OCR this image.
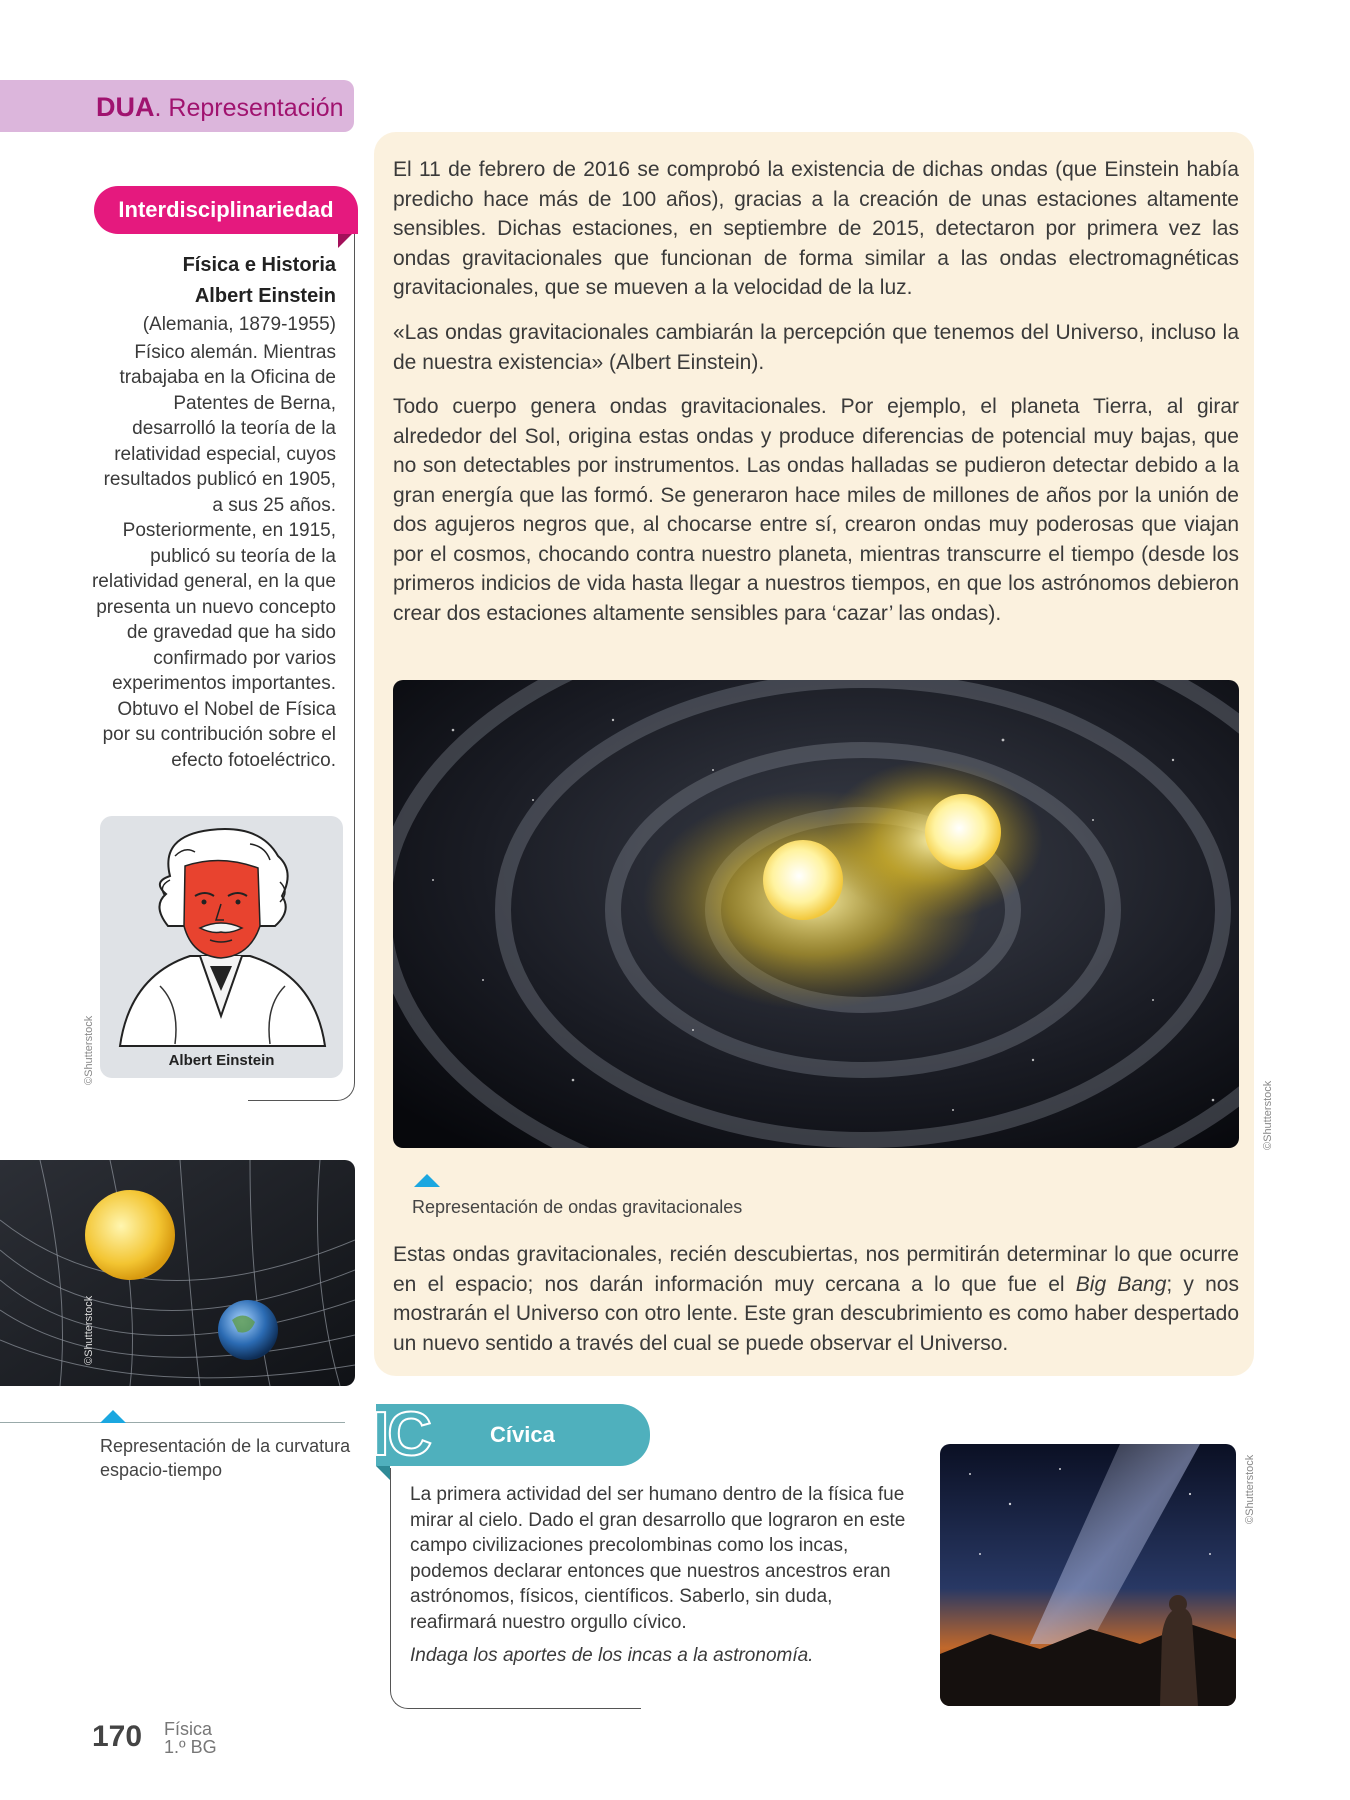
DUA. Representación
Interdisciplinariedad
Física e Historia
Albert Einstein
(Alemania, 1879-1955)
Físico alemán. Mientras trabajaba en la Oficina de Patentes de Berna, desarrolló la teoría de la relatividad especial, cuyos resultados publicó en 1905, a sus 25 años. Posteriormente, en 1915, publicó su teoría de la relatividad general, en la que presenta un nuevo concepto de gravedad que ha sido confirmado por varios experimentos importantes. Obtuvo el Nobel de Física por su contribución sobre el efecto fotoeléctrico.
Albert Einstein
©Shutterstock

El 11 de febrero de 2016 se comprobó la existencia de dichas ondas (que Einstein había predicho hace más de 100 años), gracias a la creación de unas estaciones altamente sensibles. Dichas estaciones, en septiembre de 2015, detectaron por primera vez las ondas gravitacionales que funcionan de forma similar a las ondas electromagnéticas gravitacionales, que se mueven a la velocidad de la luz.

«Las ondas gravitacionales cambiarán la percepción que tenemos del Universo, incluso la de nuestra existencia» (Albert Einstein).

Todo cuerpo genera ondas gravitacionales. Por ejemplo, el planeta Tierra, al girar alrededor del Sol, origina estas ondas y produce diferencias de potencial muy bajas, que no son detectables por instrumentos. Las ondas halladas se pudieron detectar debido a la gran energía que las formó. Se generaron hace miles de millones de años por la unión de dos agujeros negros que, al chocarse entre sí, crearon ondas muy poderosas que viajan por el cosmos, chocando contra nuestro planeta, mientras transcurre el tiempo (desde los primeros indicios de vida hasta llegar a nuestros tiempos, en que los astrónomos debieron crear dos estaciones altamente sensibles para ‘cazar’ las ondas).

©Shutterstock
Representación de ondas gravitacionales

Estas ondas gravitacionales, recién descubiertas, nos permitirán determinar lo que ocurre en el espacio; nos darán información muy cercana a lo que fue el Big Bang; y nos mostrarán el Universo con otro lente. Este gran descubrimiento es como haber despertado un nuevo sentido a través del cual se puede observar el Universo.

©Shutterstock
Representación de la curvatura espacio-tiempo
IC	Cívica
La primera actividad del ser humano dentro de la física fue mirar al cielo. Dado el gran desarrollo que lograron en este campo civilizaciones precolombinas como los incas, podemos declarar entonces que nuestros ancestros eran astrónomos, físicos, científicos. Saberlo, sin duda, reafirmará nuestro orgullo cívico.
Indaga los aportes de los incas a la astronomía.
©Shutterstock
170 Física
1.º BG
